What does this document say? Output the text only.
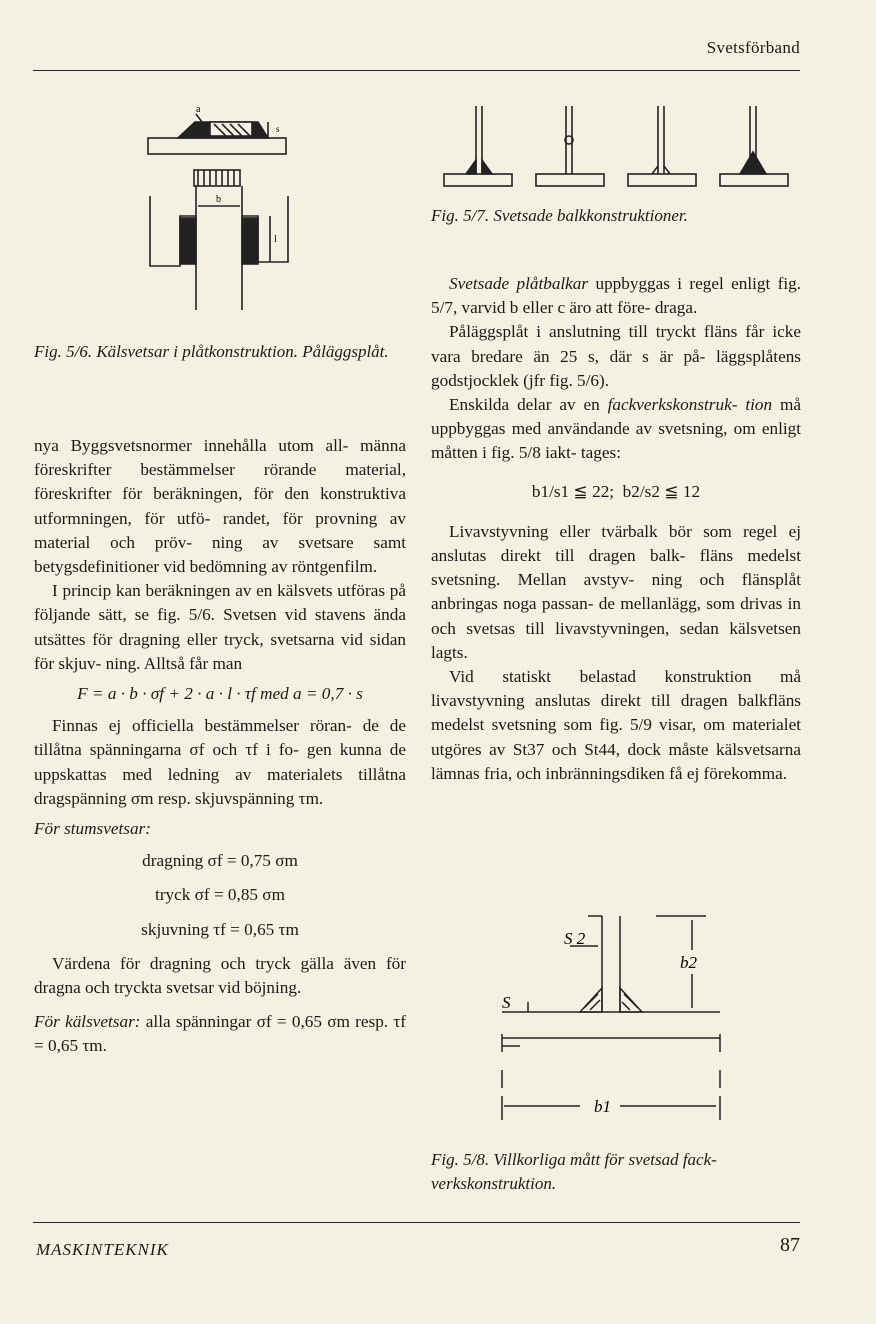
Svetsförband
a
s
b
l
S 2
b2
S
b1
Fig. 5/6. Kälsvetsar i plåtkonstruktion. Påläggsplåt.
Fig. 5/7. Svetsade balkkonstruktioner.
Fig. 5/8. Villkorliga mått för svetsad fack- verkskonstruktion.

nya Byggsvetsnormer innehålla utom all- männa föreskrifter bestämmelser rörande material, föreskrifter för beräkningen, för den konstruktiva utformningen, för utfö- randet, för provning av material och pröv- ning av svetsare samt betygsdefinitioner vid bedömning av röntgenfilm.

I princip kan beräkningen av en kälsvets utföras på följande sätt, se fig. 5/6. Svetsen vid stavens ända utsättes för dragning eller tryck, svetsarna vid sidan för skjuv- ning. Alltså får man

F = a · b · σf + 2 · a · l · τf med a = 0,7 · s

Finnas ej officiella bestämmelser röran- de de tillåtna spänningarna σf och τf i fo- gen kunna de uppskattas med ledning av materialets tillåtna dragspänning σm resp. skjuvspänning τm.

För stumsvetsar:

dragning σf = 0,75 σm

tryck σf = 0,85 σm

skjuvning τf = 0,65 τm

Värdena för dragning och tryck gälla även för dragna och tryckta svetsar vid böjning.

För kälsvetsar: alla spänningar σf = 0,65 σm resp. τf = 0,65 τm.

Svetsade plåtbalkar uppbyggas i regel enligt fig. 5/7, varvid b eller c äro att före- draga.

Påläggsplåt i anslutning till tryckt fläns får icke vara bredare än 25 s, där s är på- läggsplåtens godstjocklek (jfr fig. 5/6).

Enskilda delar av en fackverkskonstruk- tion må uppbyggas med användande av svetsning, om enligt måtten i fig. 5/8 iakt- tages:

b1/s1 ≦ 22; b2/s2 ≦ 12

Livavstyvning eller tvärbalk bör som regel ej anslutas direkt till dragen balk- fläns medelst svetsning. Mellan avstyv- ning och flänsplåt anbringas noga passan- de mellanlägg, som drivas in och svetsas till livavstyvningen, sedan kälsvetsen lagts.

Vid statiskt belastad konstruktion må livavstyvning anslutas direkt till dragen balkfläns medelst svetsning som fig. 5/9 visar, om materialet utgöres av St37 och St44, dock måste kälsvetsarna lämnas fria, och inbränningsdiken få ej förekomma.

MASKINTEKNIK	87
